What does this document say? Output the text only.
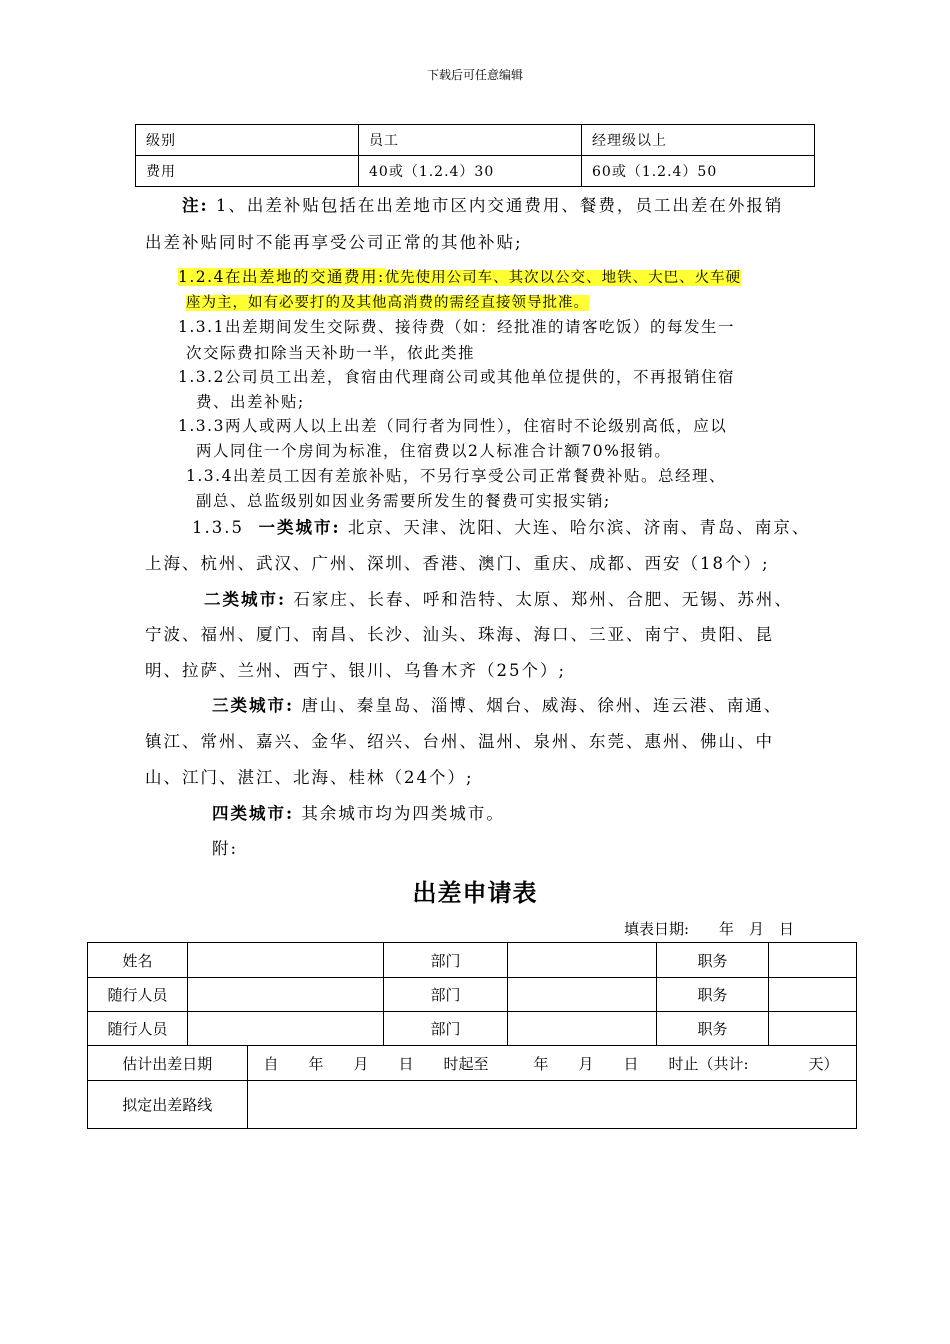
下载后可任意编辑
级别	员工	经理级以上
费用	40或（1.2.4）30	60或（1.2.4）50
注: 1、出差补贴包括在出差地市区内交通费用、餐费，员工出差在外报销
出差补贴同时不能再享受公司正常的其他补贴;
1.2.4在出差地的交通费用:优先使用公司车、其次以公交、地铁、大巴、火车硬
座为主，如有必要打的及其他高消费的需经直接领导批准。
1.3.1出差期间发生交际费、接待费（如：经批准的请客吃饭）的每发生一
次交际费扣除当天补助一半，依此类推
1.3.2公司员工出差，食宿由代理商公司或其他单位提供的，不再报销住宿
费、出差补贴;
1.3.3两人或两人以上出差（同行者为同性），住宿时不论级别高低，应以
两人同住一个房间为标准，住宿费以2人标准合计额70%报销。
1.3.4出差员工因有差旅补贴，不另行享受公司正常餐费补贴。总经理、
副总、总监级别如因业务需要所发生的餐费可实报实销;
1.3.5 一类城市: 北京、天津、沈阳、大连、哈尔滨、济南、青岛、南京、
上海、杭州、武汉、广州、深圳、香港、澳门、重庆、成都、西安（18个）;
二类城市: 石家庄、长春、呼和浩特、太原、郑州、合肥、无锡、苏州、
宁波、福州、厦门、南昌、长沙、汕头、珠海、海口、三亚、南宁、贵阳、昆
明、拉萨、兰州、西宁、银川、乌鲁木齐（25个）;
三类城市: 唐山、秦皇岛、淄博、烟台、威海、徐州、连云港、南通、
镇江、常州、嘉兴、金华、绍兴、台州、温州、泉州、东莞、惠州、佛山、中
山、江门、湛江、北海、桂林（24个）;
四类城市: 其余城市均为四类城市。
附:
出差申请表
填表日期:　　年　月　日
姓名			部门		职务	
随行人员			部门		职务	
随行人员			部门		职务	
估计出差日期		自　　年　　月　　日　　时起至　　　年　　月　　日　　时止（共计:　　　　天）				
拟定出差路线						
